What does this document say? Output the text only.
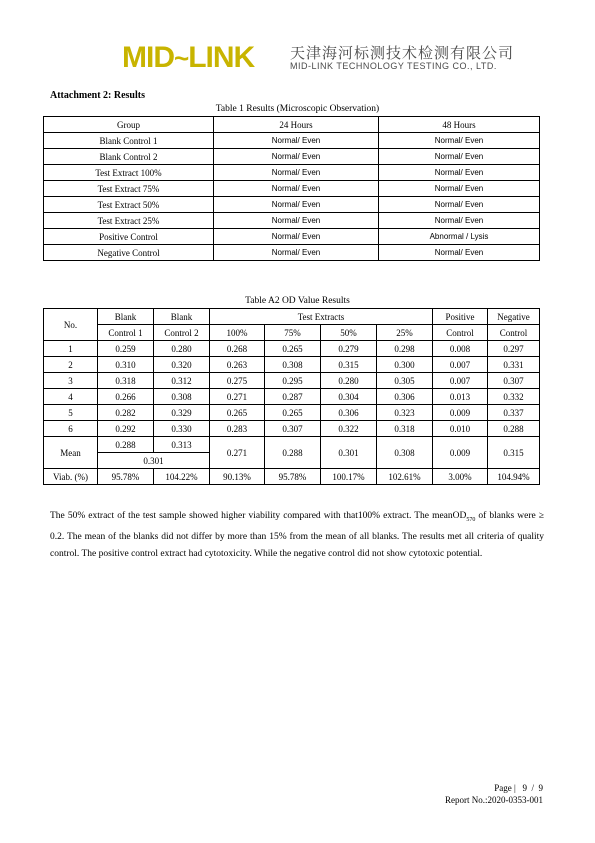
MID~LINK 天津海河标测技术检测有限公司
MID-LINK TECHNOLOGY TESTING CO., LTD.
Attachment 2: Results
Table 1 Results (Microscopic Observation)
Group	24 Hours	48 Hours
Blank Control 1	Normal/ Even	Normal/ Even
Blank Control 2	Normal/ Even	Normal/ Even
Test Extract 100%	Normal/ Even	Normal/ Even
Test Extract 75%	Normal/ Even	Normal/ Even
Test Extract 50%	Normal/ Even	Normal/ Even
Test Extract 25%	Normal/ Even	Normal/ Even
Positive Control	Normal/ Even	Abnormal / Lysis
Negative Control	Normal/ Even	Normal/ Even
Table A2 OD Value Results
No.	Blank	Blank	Test Extracts				Positive	Negative
	Control 1	Control 2	100%	75%	50%	25%	Control	Control
1	0.259	0.280	0.268	0.265	0.279	0.298	0.008	0.297
2	0.310	0.320	0.263	0.308	0.315	0.300	0.007	0.331
3	0.318	0.312	0.275	0.295	0.280	0.305	0.007	0.307
4	0.266	0.308	0.271	0.287	0.304	0.306	0.013	0.332
5	0.282	0.329	0.265	0.265	0.306	0.323	0.009	0.337
6	0.292	0.330	0.283	0.307	0.322	0.318	0.010	0.288
Mean	0.288	0.313	0.271	0.288	0.301	0.308	0.009	0.315
	0.301							
Viab. (%)	95.78%	104.22%	90.13%	95.78%	100.17%	102.61%	3.00%	104.94%
The 50% extract of the test sample showed higher viability compared with that100% extract. The meanOD$_{570}$ of blanks were ≥ 0.2. The mean of the blanks did not differ by more than 15% from the mean of all blanks. The results met all criteria of quality control. The positive control extract had cytotoxicity. While the negative control did not show cytotoxic potential.
Page |   9  /  9
Report No.:2020-0353-001
